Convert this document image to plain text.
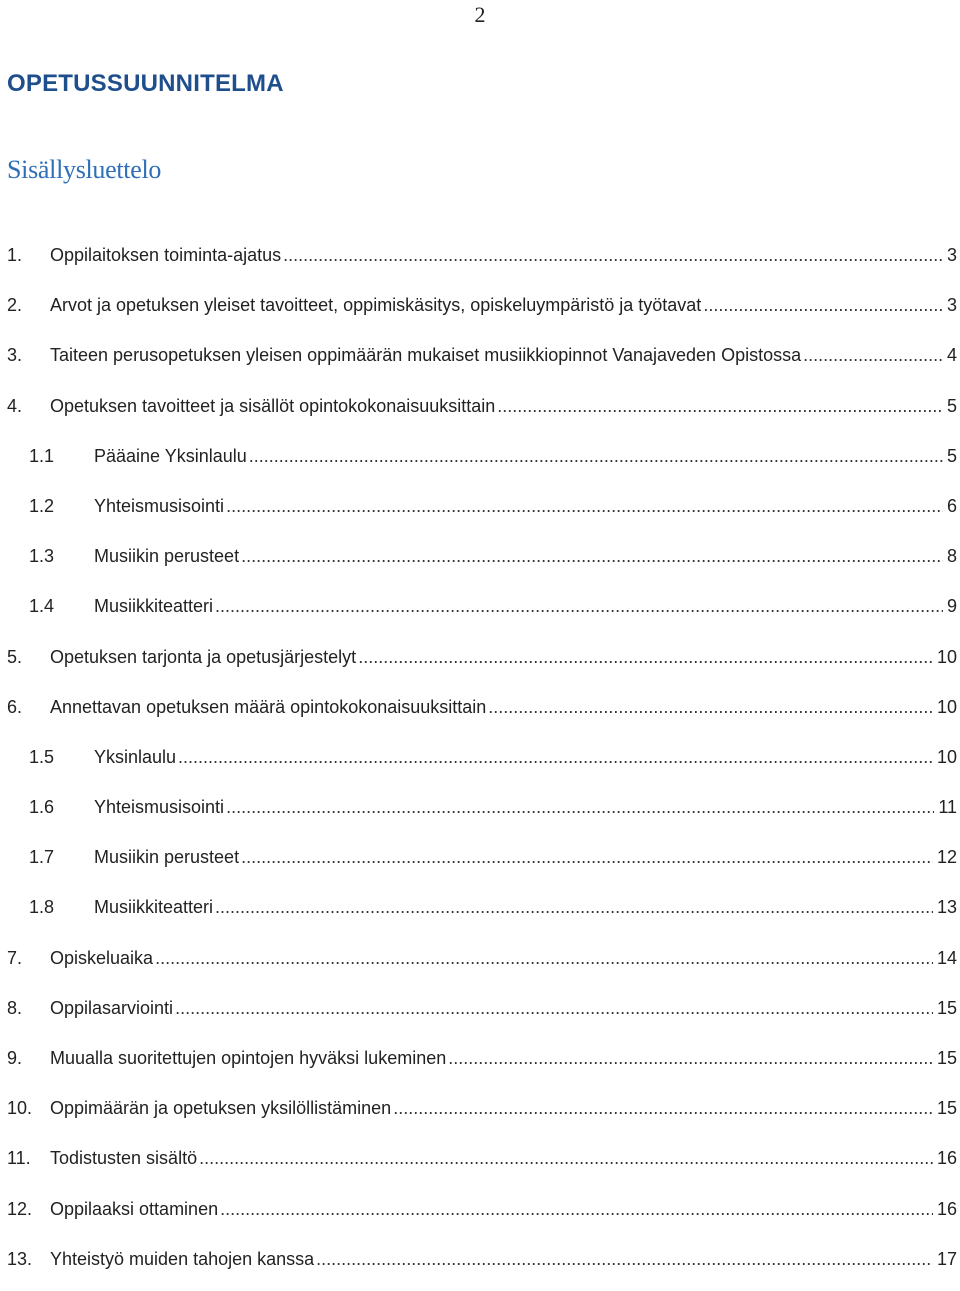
2
OPETUSSUUNNITELMA
Sisällysluettelo
1. Oppilaitoksen toiminta-ajatus .....	3
2. Arvot ja opetuksen yleiset tavoitteet, oppimiskäsitys, opiskeluympäristö ja työtavat .....	3
3. Taiteen perusopetuksen yleisen oppimäärän mukaiset musiikkiopinnot Vanajaveden Opistossa .....	4
4. Opetuksen tavoitteet ja sisällöt opintokokonaisuuksittain .....	5
1.1 Pääaine Yksinlaulu .....	5
1.2 Yhteismusisointi .....	6
1.3 Musiikin perusteet .....	8
1.4 Musiikkiteatteri .....	9
5. Opetuksen tarjonta ja opetusjärjestelyt .....	10
6. Annettavan opetuksen määrä opintokokonaisuuksittain .....	10
1.5 Yksinlaulu .....	10
1.6 Yhteismusisointi .....	11
1.7 Musiikin perusteet .....	12
1.8 Musiikkiteatteri .....	13
7. Opiskeluaika .....	14
8. Oppilasarviointi .....	15
9. Muualla suoritettujen opintojen hyväksi lukeminen .....	15
10. Oppimäärän ja opetuksen yksilöllistäminen .....	15
11. Todistusten sisältö .....	16
12. Oppilaaksi ottaminen .....	16
13. Yhteistyö muiden tahojen kanssa .....	17
